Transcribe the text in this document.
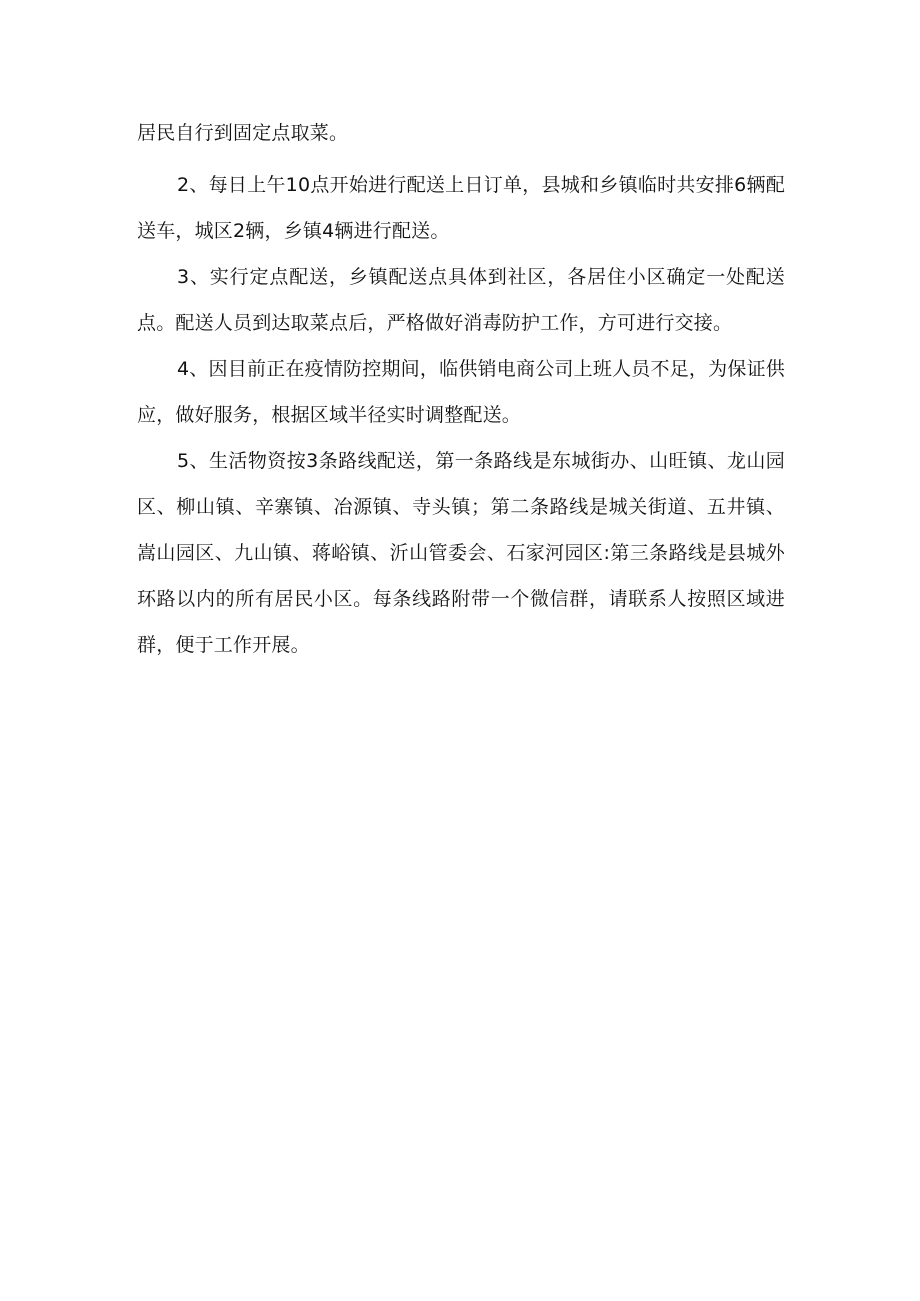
居民自行到固定点取菜。

2、每日上午10点开始进行配送上日订单，县城和乡镇临时共安排6辆配送车，城区2辆，乡镇4辆进行配送。

3、实行定点配送，乡镇配送点具体到社区，各居住小区确定一处配送点。配送人员到达取菜点后，严格做好消毒防护工作，方可进行交接。

4、因目前正在疫情防控期间，临供销电商公司上班人员不足，为保证供应，做好服务，根据区域半径实时调整配送。

5、生活物资按3条路线配送，第一条路线是东城街办、山旺镇、龙山园区、柳山镇、辛寨镇、冶源镇、寺头镇；第二条路线是城关街道、五井镇、嵩山园区、九山镇、蒋峪镇、沂山管委会、石家河园区:第三条路线是县城外环路以内的所有居民小区。每条线路附带一个微信群，请联系人按照区域进群，便于工作开展。
